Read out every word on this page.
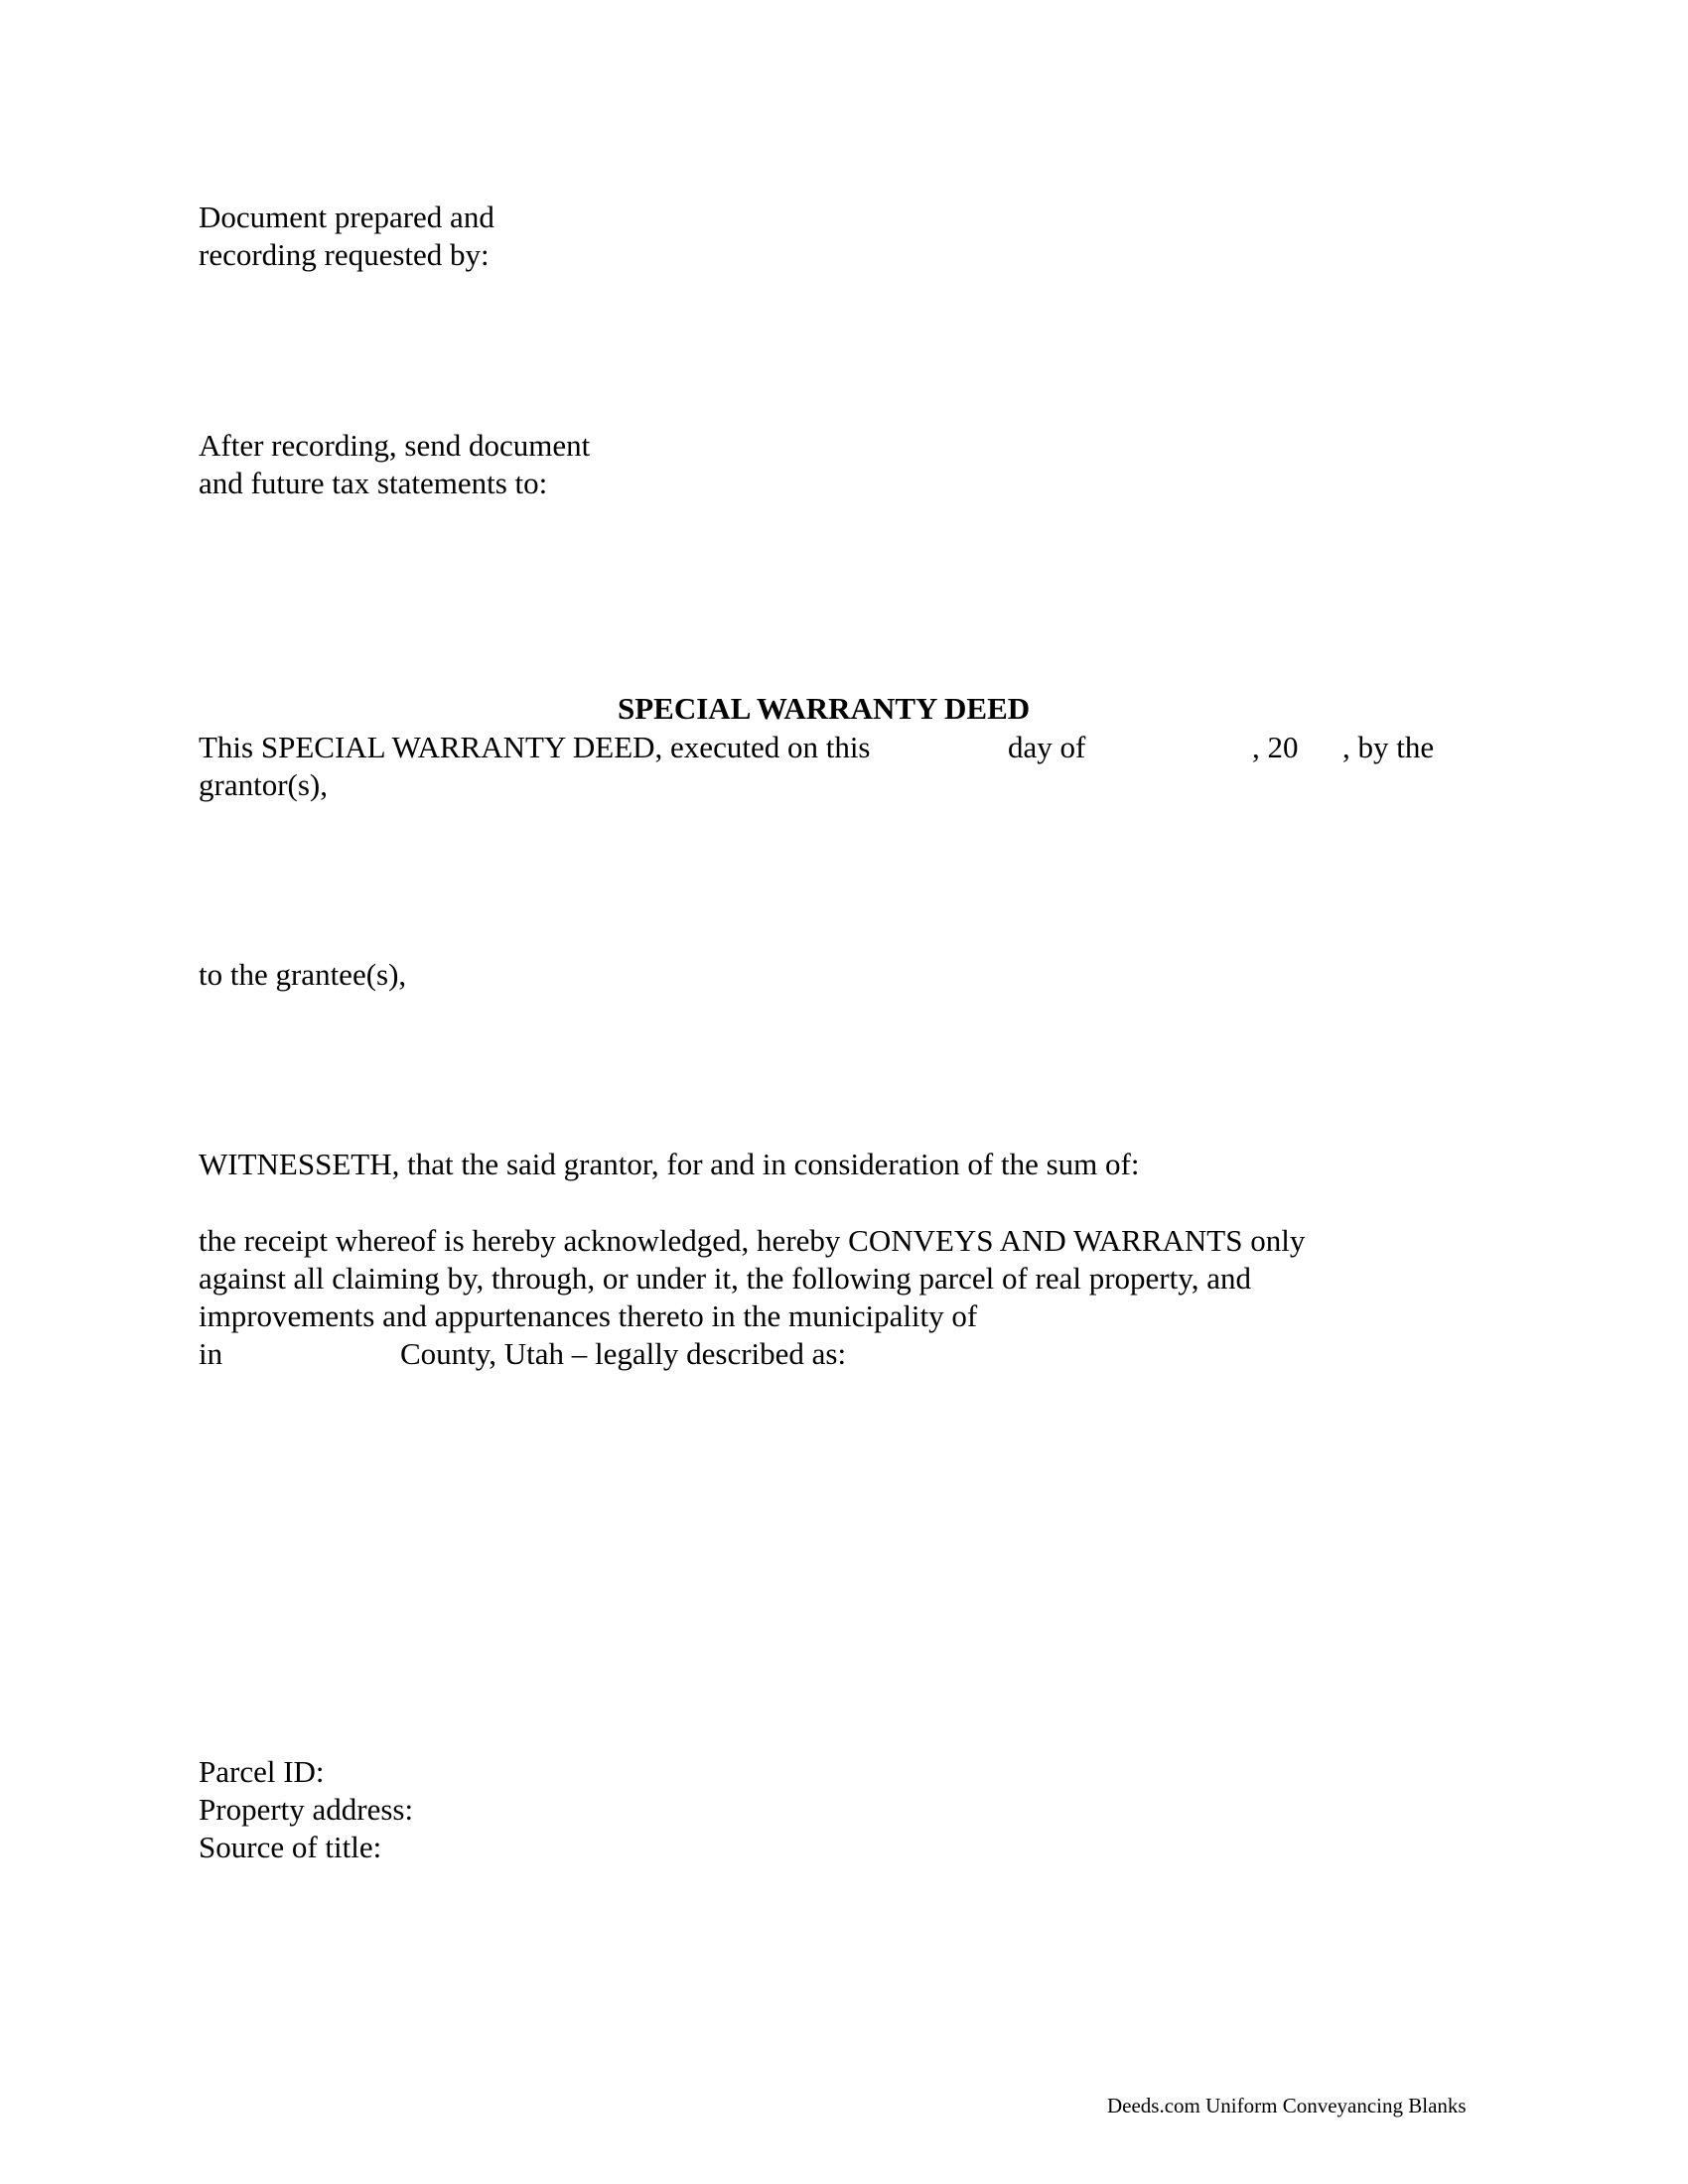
Document prepared and
recording requested by:
After recording, send document
and future tax statements to:
SPECIAL WARRANTY DEED
This SPECIAL WARRANTY DEED, executed on this	day of	, 20 , by the
grantor(s),
to the grantee(s),
WITNESSETH, that the said grantor, for and in consideration of the sum of:
the receipt whereof is hereby acknowledged, hereby CONVEYS AND WARRANTS only
against all claiming by, through, or under it, the following parcel of real property, and
improvements and appurtenances thereto in the municipality of
in	County, Utah – legally described as:
Parcel ID:
Property address:
Source of title:
Deeds.com Uniform Conveyancing Blanks
